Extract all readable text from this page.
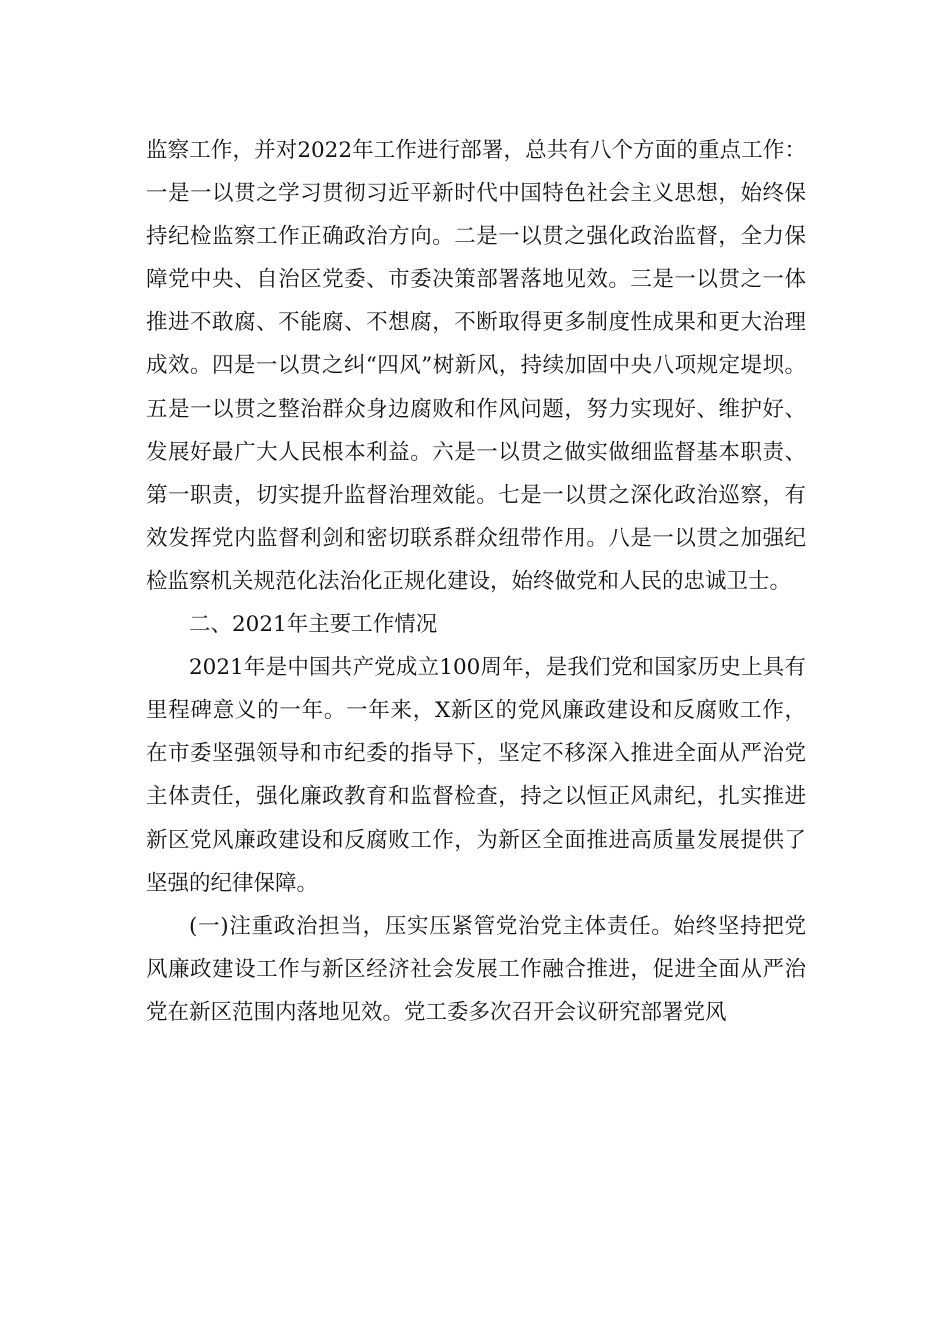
监察工作，并对2022年工作进行部署，总共有八个方面的重点工作：一是一以贯之学习贯彻习近平新时代中国特色社会主义思想，始终保持纪检监察工作正确政治方向。二是一以贯之强化政治监督，全力保障党中央、自治区党委、市委决策部署落地见效。三是一以贯之一体推进不敢腐、不能腐、不想腐，不断取得更多制度性成果和更大治理成效。四是一以贯之纠“四风”树新风，持续加固中央八项规定堤坝。五是一以贯之整治群众身边腐败和作风问题，努力实现好、维护好、发展好最广大人民根本利益。六是一以贯之做实做细监督基本职责、第一职责，切实提升监督治理效能。七是一以贯之深化政治巡察，有效发挥党内监督利剑和密切联系群众纽带作用。八是一以贯之加强纪检监察机关规范化法治化正规化建设，始终做党和人民的忠诚卫士。

二、2021年主要工作情况

2021年是中国共产党成立100周年，是我们党和国家历史上具有里程碑意义的一年。一年来，X新区的党风廉政建设和反腐败工作，在市委坚强领导和市纪委的指导下，坚定不移深入推进全面从严治党主体责任，强化廉政教育和监督检查，持之以恒正风肃纪，扎实推进新区党风廉政建设和反腐败工作，为新区全面推进高质量发展提供了坚强的纪律保障。

(一)注重政治担当，压实压紧管党治党主体责任。始终坚持把党风廉政建设工作与新区经济社会发展工作融合推进，促进全面从严治党在新区范围内落地见效。党工委多次召开会议研究部署党风
